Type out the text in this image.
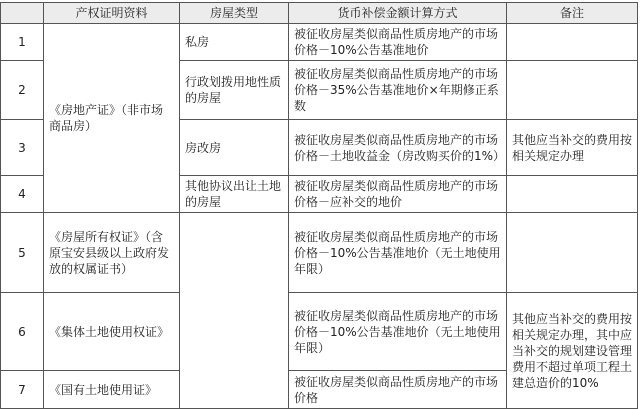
	产权证明资料	房屋类型	货币补偿金额计算方式	备注
1	《房地产证》（非市场商品房）	私房	被征收房屋类似商品性质房地产的市场价格－10%公告基准地价	
2		行政划拨用地性质的房屋	被征收房屋类似商品性质房地产的市场价格－35%公告基准地价×年期修正系数	
3		房改房	被征收房屋类似商品性质房地产的市场价格－土地收益金（房改购买价的1%）	其他应当补交的费用按相关规定办理
4		其他协议出让土地的房屋	被征收房屋类似商品性质房地产的市场价格－应补交的地价	
5	《房屋所有权证》（含原宝安县级以上政府发放的权属证书）		被征收房屋类似商品性质房地产的市场价格－10%公告基准地价（无土地使用年限）	
6	《集体土地使用权证》		被征收房屋类似商品性质房地产的市场价格－10%公告基准地价（无土地使用年限）	其他应当补交的费用按相关规定办理，其中应当补交的规划建设管理费用不超过单项工程土建总造价的10%
7	《国有土地使用证》		被征收房屋类似商品性质房地产的市场价格	
